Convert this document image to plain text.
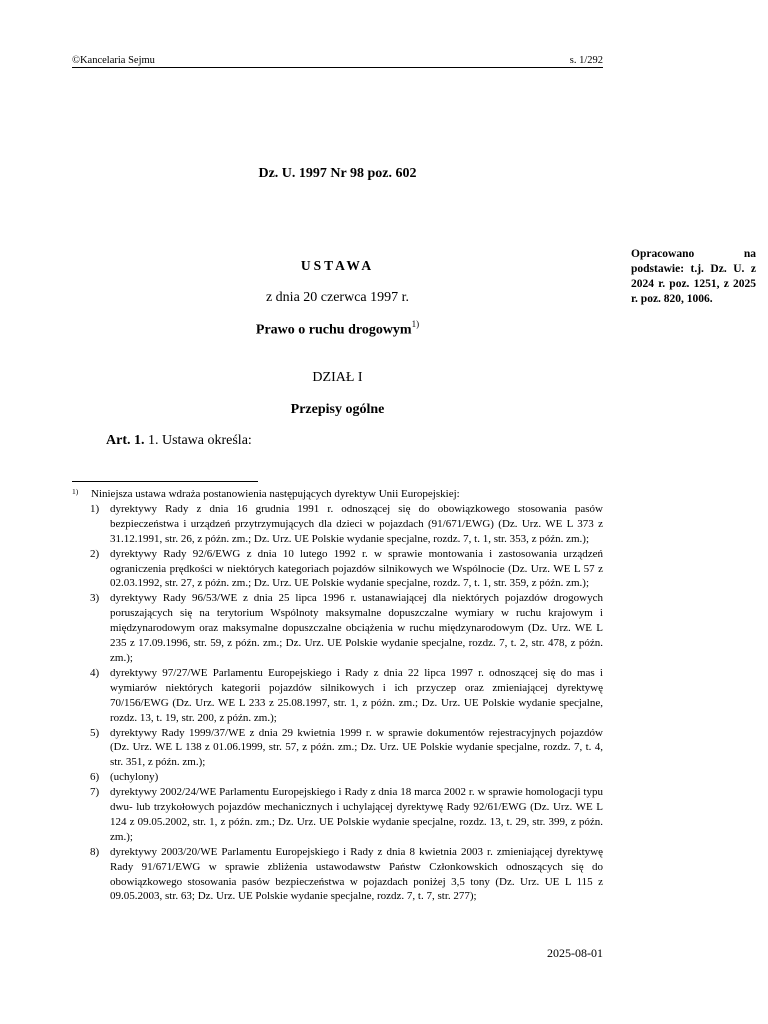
©Kancelaria Sejmu	s. 1/292
Dz. U. 1997 Nr 98 poz. 602
Opracowano na podstawie: t.j. Dz. U. z 2024 r. poz. 1251, z 2025 r. poz. 820, 1006.
USTAWA
z dnia 20 czerwca 1997 r.
Prawo o ruchu drogowym$^{1)}$
DZIAŁ I
Przepisy ogólne
Art. 1. 1. Ustawa określa:
1) Niniejsza ustawa wdraża postanowienia następujących dyrektyw Unii Europejskiej:
1) dyrektywy Rady z dnia 16 grudnia 1991 r. odnoszącej się do obowiązkowego stosowania pasów bezpieczeństwa i urządzeń przytrzymujących dla dzieci w pojazdach (91/671/EWG) (Dz. Urz. WE L 373 z 31.12.1991, str. 26, z późn. zm.; Dz. Urz. UE Polskie wydanie specjalne, rozdz. 7, t. 1, str. 353, z późn. zm.);
2) dyrektywy Rady 92/6/EWG z dnia 10 lutego 1992 r. w sprawie montowania i zastosowania urządzeń ograniczenia prędkości w niektórych kategoriach pojazdów silnikowych we Wspólnocie (Dz. Urz. WE L 57 z 02.03.1992, str. 27, z późn. zm.; Dz. Urz. UE Polskie wydanie specjalne, rozdz. 7, t. 1, str. 359, z późn. zm.);
3) dyrektywy Rady 96/53/WE z dnia 25 lipca 1996 r. ustanawiającej dla niektórych pojazdów drogowych poruszających się na terytorium Wspólnoty maksymalne dopuszczalne wymiary w ruchu krajowym i międzynarodowym oraz maksymalne dopuszczalne obciążenia w ruchu międzynarodowym (Dz. Urz. WE L 235 z 17.09.1996, str. 59, z późn. zm.; Dz. Urz. UE Polskie wydanie specjalne, rozdz. 7, t. 2, str. 478, z późn. zm.);
4) dyrektywy 97/27/WE Parlamentu Europejskiego i Rady z dnia 22 lipca 1997 r. odnoszącej się do mas i wymiarów niektórych kategorii pojazdów silnikowych i ich przyczep oraz zmieniającej dyrektywę 70/156/EWG (Dz. Urz. WE L 233 z 25.08.1997, str. 1, z późn. zm.; Dz. Urz. UE Polskie wydanie specjalne, rozdz. 13, t. 19, str. 200, z późn. zm.);
5) dyrektywy Rady 1999/37/WE z dnia 29 kwietnia 1999 r. w sprawie dokumentów rejestracyjnych pojazdów (Dz. Urz. WE L 138 z 01.06.1999, str. 57, z późn. zm.; Dz. Urz. UE Polskie wydanie specjalne, rozdz. 7, t. 4, str. 351, z późn. zm.);
6) (uchylony)
7) dyrektywy 2002/24/WE Parlamentu Europejskiego i Rady z dnia 18 marca 2002 r. w sprawie homologacji typu dwu- lub trzykołowych pojazdów mechanicznych i uchylającej dyrektywę Rady 92/61/EWG (Dz. Urz. WE L 124 z 09.05.2002, str. 1, z późn. zm.; Dz. Urz. UE Polskie wydanie specjalne, rozdz. 13, t. 29, str. 399, z późn. zm.);
8) dyrektywy 2003/20/WE Parlamentu Europejskiego i Rady z dnia 8 kwietnia 2003 r. zmieniającej dyrektywę Rady 91/671/EWG w sprawie zbliżenia ustawodawstw Państw Członkowskich odnoszących się do obowiązkowego stosowania pasów bezpieczeństwa w pojazdach poniżej 3,5 tony (Dz. Urz. UE L 115 z 09.05.2003, str. 63; Dz. Urz. UE Polskie wydanie specjalne, rozdz. 7, t. 7, str. 277);
2025-08-01
